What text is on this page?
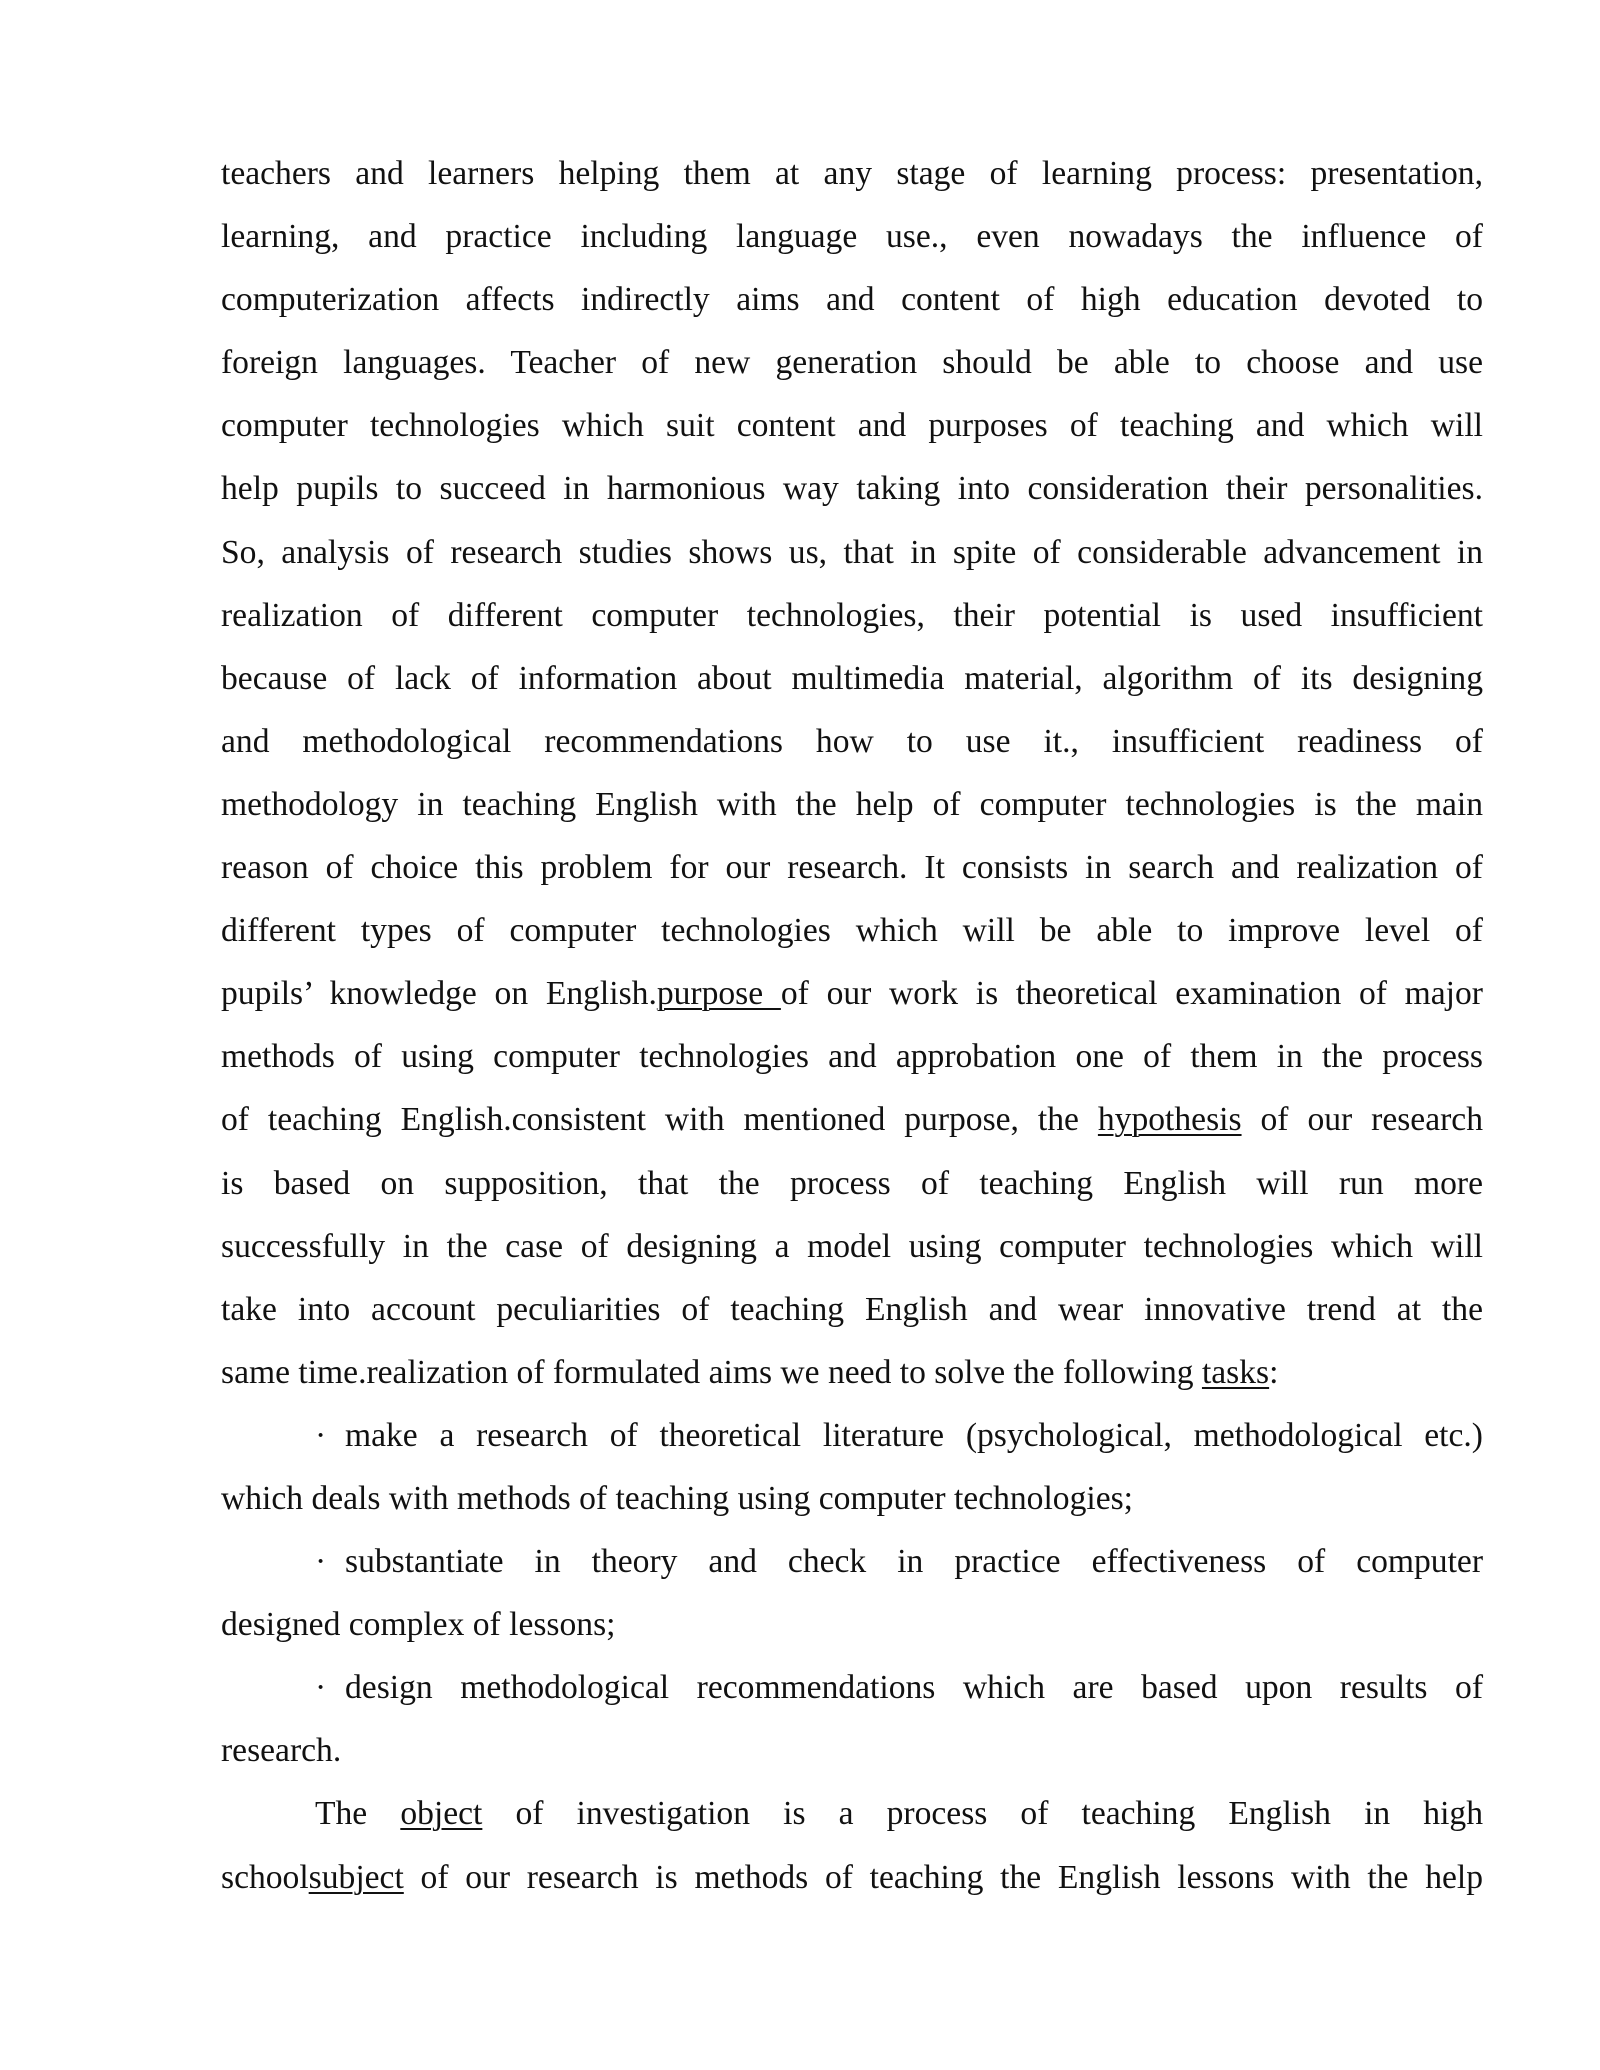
teachers and learners helping them at any stage of learning process: presentation,
learning, and practice including language use., even nowadays the influence of
computerization affects indirectly aims and content of high education devoted to
foreign languages. Teacher of new generation should be able to choose and use
computer technologies which suit content and purposes of teaching and which will
help pupils to succeed in harmonious way taking into consideration their personalities.
So, analysis of research studies shows us, that in spite of considerable advancement in
realization of different computer technologies, their potential is used insufficient
because of lack of information about multimedia material, algorithm of its designing
and methodological recommendations how to use it., insufficient readiness of
methodology in teaching English with the help of computer technologies is the main
reason of choice this problem for our research. It consists in search and realization of
different types of computer technologies which will be able to improve level of
pupils’ knowledge on English.purpose of our work is theoretical examination of major
methods of using computer technologies and approbation one of them in the process
of teaching English.consistent with mentioned purpose, the hypothesis of our research
is based on supposition, that the process of teaching English will run more
successfully in the case of designing a model using computer technologies which will
take into account peculiarities of teaching English and wear innovative trend at the
same time.realization of formulated aims we need to solve the following tasks:
· make a research of theoretical literature (psychological, methodological etc.)
which deals with methods of teaching using computer technologies;
· substantiate in theory and check in practice effectiveness of computer
designed complex of lessons;
· design methodological recommendations which are based upon results of
research.
The object of investigation is a process of teaching English in high
schoolsubject of our research is methods of teaching the English lessons with the help
